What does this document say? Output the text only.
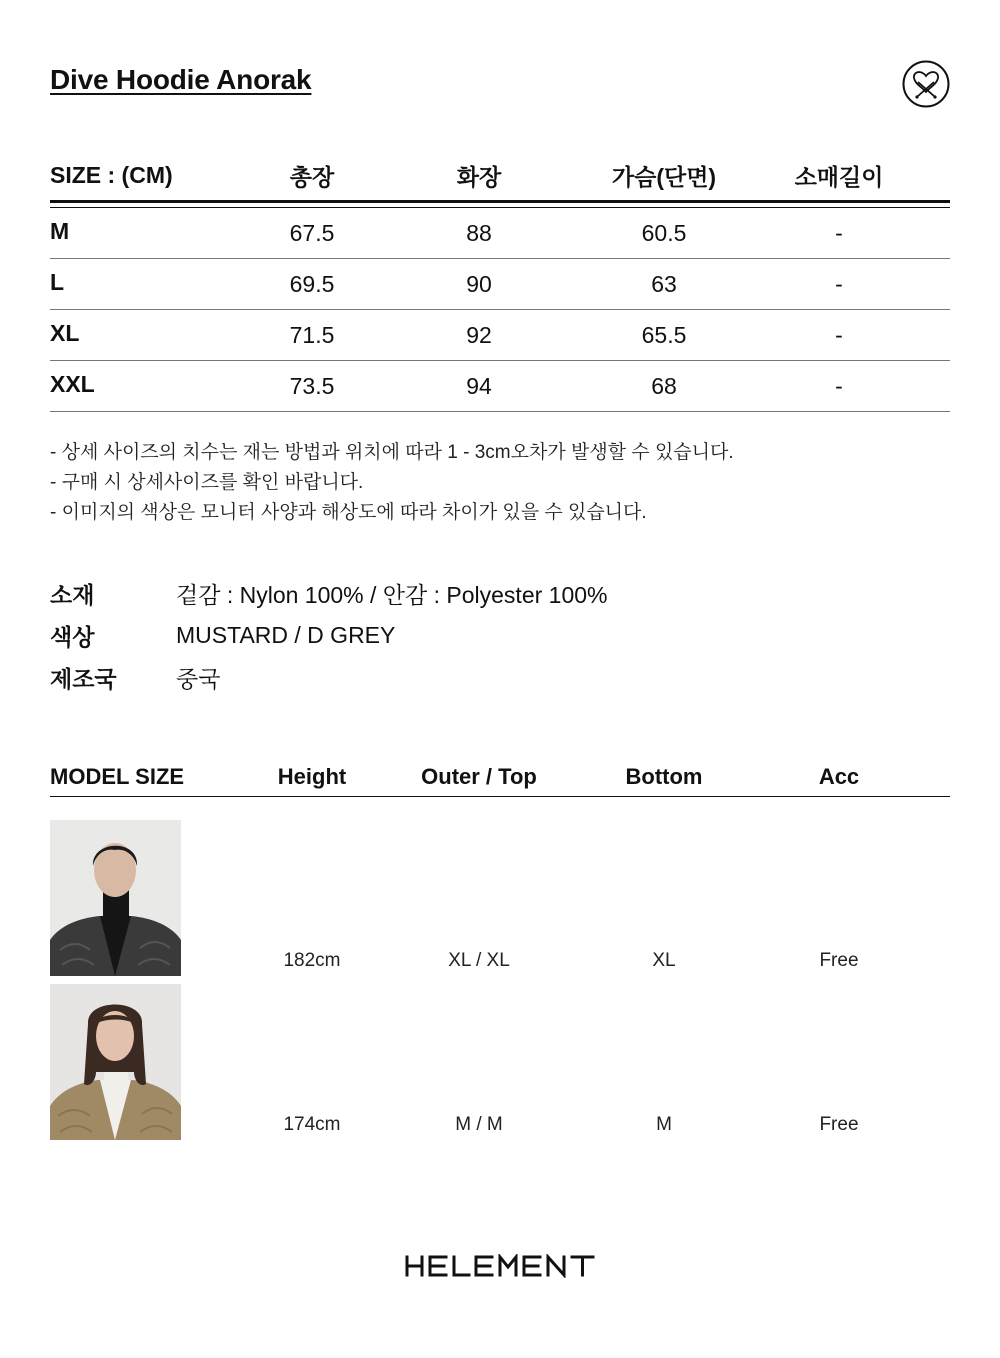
Dive Hoodie Anorak
SIZE : (CM)	총장	화장	가슴(단면)	소매길이
M	67.5	88	60.5	-
L	69.5	90	63	-
XL	71.5	92	65.5	-
XXL	73.5	94	68	-
- 상세 사이즈의 치수는 재는 방법과 위치에 따라 1 - 3cm오차가 발생할 수 있습니다.
- 구매 시 상세사이즈를 확인 바랍니다.
- 이미지의 색상은 모니터 사양과 해상도에 따라 차이가 있을 수 있습니다.
소재	겉감 : Nylon 100% / 안감 : Polyester 100%
색상	MUSTARD / D GREY
제조국	중국
MODEL SIZE	Height	Outer / Top	Bottom	Acc
182cm	XL / XL	XL	Free
174cm	M / M	M	Free
